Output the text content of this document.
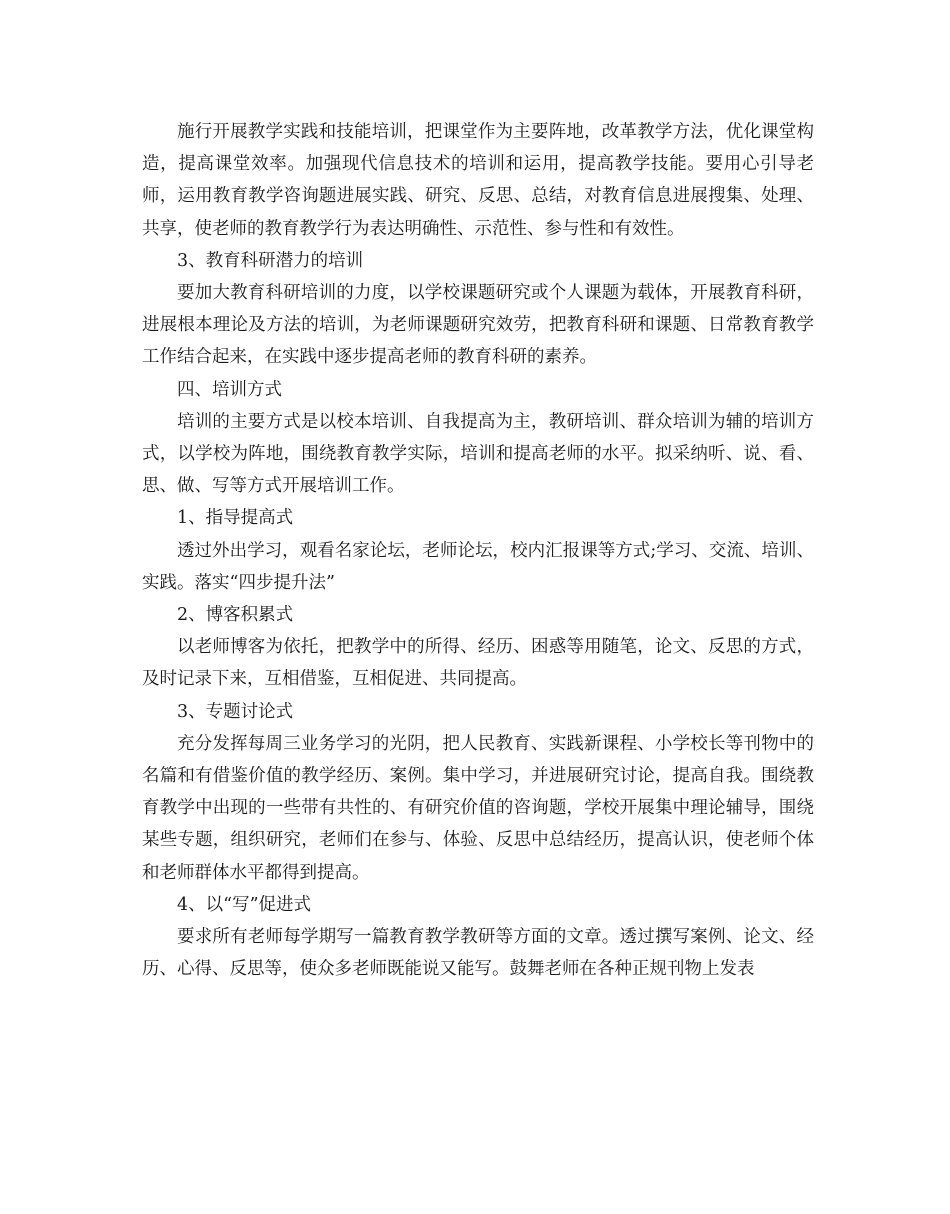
施行开展教学实践和技能培训，把课堂作为主要阵地，改革教学方法，优化课堂构造，提高课堂效率。加强现代信息技术的培训和运用，提高教学技能。要用心引导老师，运用教育教学咨询题进展实践、研究、反思、总结，对教育信息进展搜集、处理、共享，使老师的教育教学行为表达明确性、示范性、参与性和有效性。

3、教育科研潜力的培训

要加大教育科研培训的力度，以学校课题研究或个人课题为载体，开展教育科研，进展根本理论及方法的培训，为老师课题研究效劳，把教育科研和课题、日常教育教学工作结合起来，在实践中逐步提高老师的教育科研的素养。

四、培训方式

培训的主要方式是以校本培训、自我提高为主，教研培训、群众培训为辅的培训方式，以学校为阵地，围绕教育教学实际，培训和提高老师的水平。拟采纳听、说、看、思、做、写等方式开展培训工作。

1、指导提高式

透过外出学习，观看名家论坛，老师论坛，校内汇报课等方式;学习、交流、培训、实践。落实“四步提升法”

2、博客积累式

以老师博客为依托，把教学中的所得、经历、困惑等用随笔，论文、反思的方式，及时记录下来，互相借鉴，互相促进、共同提高。

3、专题讨论式

充分发挥每周三业务学习的光阴，把人民教育、实践新课程、小学校长等刊物中的名篇和有借鉴价值的教学经历、案例。集中学习，并进展研究讨论，提高自我。围绕教育教学中出现的一些带有共性的、有研究价值的咨询题，学校开展集中理论辅导，围绕某些专题，组织研究，老师们在参与、体验、反思中总结经历，提高认识，使老师个体和老师群体水平都得到提高。

4、以“写”促进式

要求所有老师每学期写一篇教育教学教研等方面的文章。透过撰写案例、论文、经历、心得、反思等，使众多老师既能说又能写。鼓舞老师在各种正规刊物上发表
